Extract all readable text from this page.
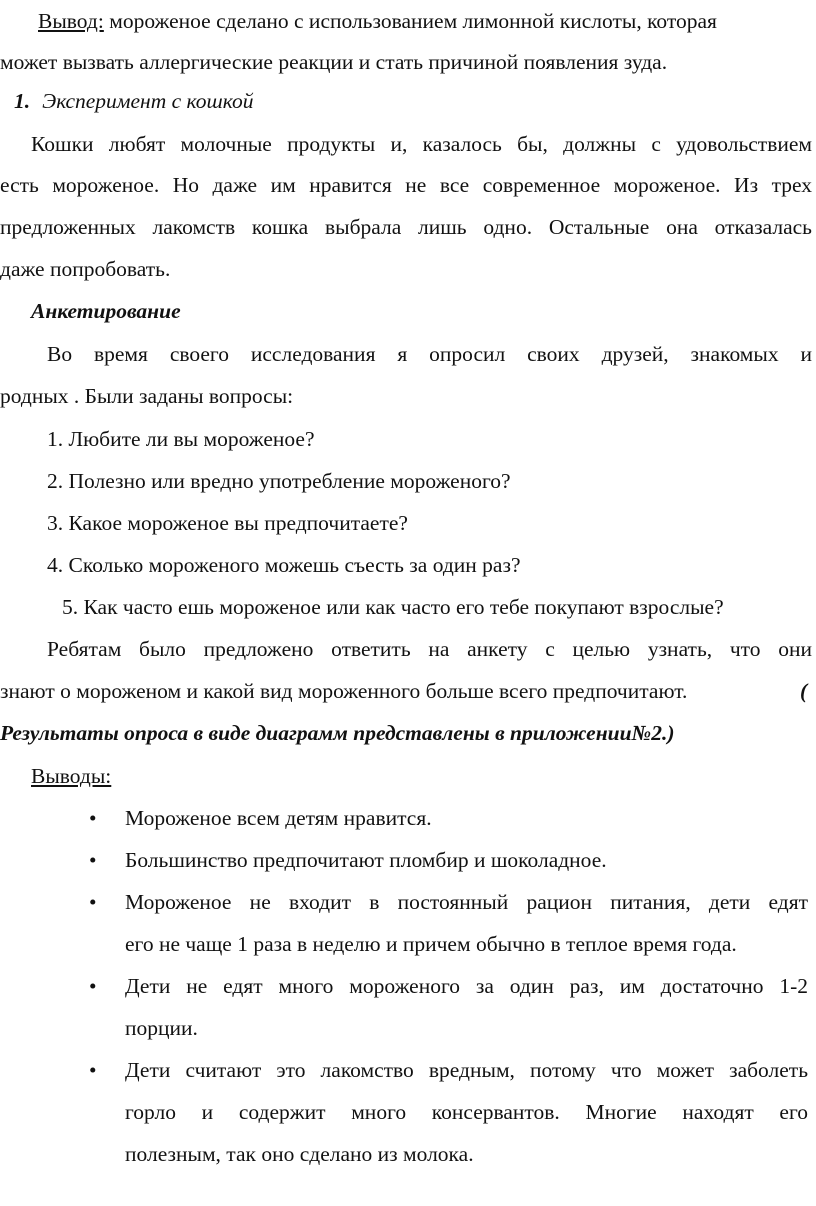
Вывод: мороженое сделано с использованием лимонной кислоты, которая
может вызвать аллергические реакции и стать причиной появления зуда.
1. Эксперимент с кошкой
Кошки любят молочные продукты и, казалось бы, должны с удовольствием
есть мороженое. Но даже им нравится не все современное мороженое. Из трех
предложенных лакомств кошка выбрала лишь одно. Остальные она отказалась
даже попробовать.
Анкетирование
Во время своего исследования я опросил своих друзей, знакомых и
родных . Были заданы вопросы:
1. Любите ли вы мороженое?
2. Полезно или вредно употребление мороженого?
3. Какое мороженое вы предпочитаете?
4. Сколько мороженого можешь съесть за один раз?
5. Как часто ешь мороженое или как часто его тебе покупают взрослые?
Ребятам было предложено ответить на анкету с целью узнать, что они
знают о мороженом и какой вид мороженного больше всего предпочитают.	(
Результаты опроса в виде диаграмм представлены в приложении№2.)
Выводы:
• Мороженое всем детям нравится.
• Большинство предпочитают пломбир и шоколадное.
• Мороженое не входит в постоянный рацион питания, дети едят
его не чаще 1 раза в неделю и причем обычно в теплое время года.
• Дети не едят много мороженого за один раз, им достаточно 1-2
порции.
• Дети считают это лакомство вредным, потому что может заболеть
горло и содержит много консервантов. Многие находят его
полезным, так оно сделано из молока.
